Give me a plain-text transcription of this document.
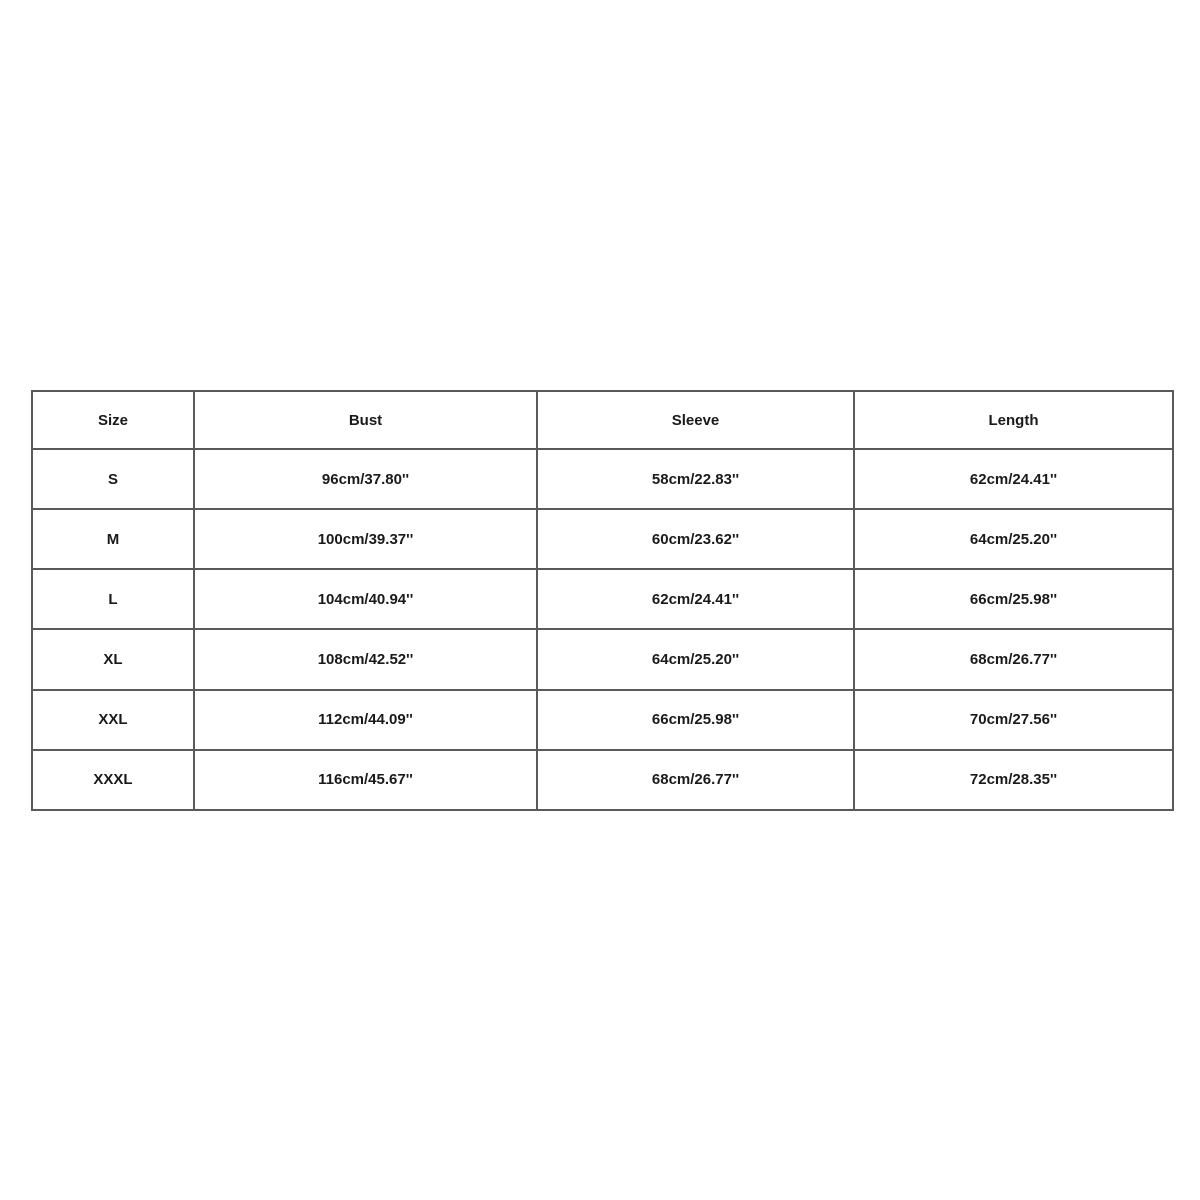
Size	Bust	Sleeve	Length
S	96cm/37.80''	58cm/22.83''	62cm/24.41''
M	100cm/39.37''	60cm/23.62''	64cm/25.20''
L	104cm/40.94''	62cm/24.41''	66cm/25.98''
XL	108cm/42.52''	64cm/25.20''	68cm/26.77''
XXL	112cm/44.09''	66cm/25.98''	70cm/27.56''
XXXL	116cm/45.67''	68cm/26.77''	72cm/28.35''
